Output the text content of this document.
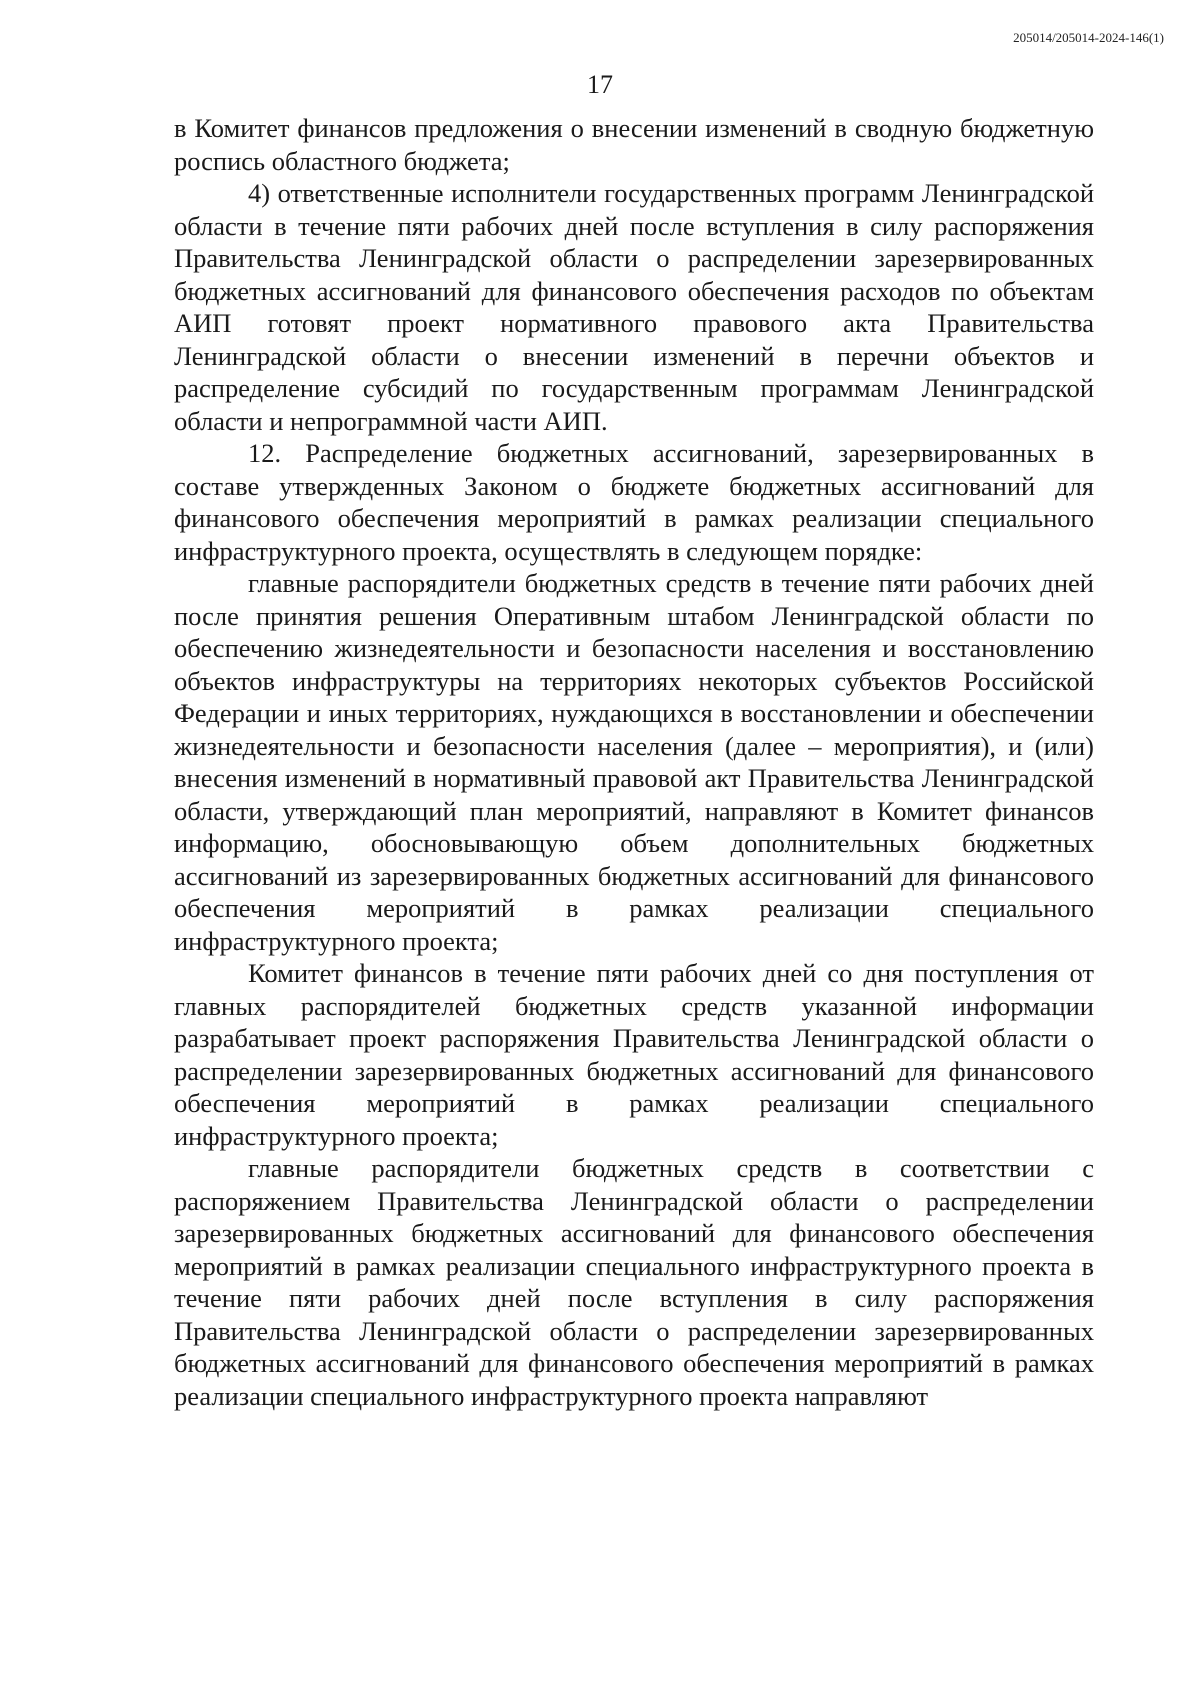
205014/205014-2024-146(1)
17

в Комитет финансов предложения о внесении изменений в сводную бюджетную роспись областного бюджета;

4) ответственные исполнители государственных программ Ленинградской области в течение пяти рабочих дней после вступления в силу распоряжения Правительства Ленинградской области о распределении зарезервированных бюджетных ассигнований для финансового обеспечения расходов по объектам АИП готовят проект нормативного правового акта Правительства Ленинградской области о внесении изменений в перечни объектов и распределение субсидий по государственным программам Ленинградской области и непрограммной части АИП.

12. Распределение бюджетных ассигнований, зарезервированных в составе утвержденных Законом о бюджете бюджетных ассигнований для финансового обеспечения мероприятий в рамках реализации специального инфраструктурного проекта, осуществлять в следующем порядке:

главные распорядители бюджетных средств в течение пяти рабочих дней после принятия решения Оперативным штабом Ленинградской области по обеспечению жизнедеятельности и безопасности населения и восстановлению объектов инфраструктуры на территориях некоторых субъектов Российской Федерации и иных территориях, нуждающихся в восстановлении и обеспечении жизнедеятельности и безопасности населения (далее – мероприятия), и (или) внесения изменений в нормативный правовой акт Правительства Ленинградской области, утверждающий план мероприятий, направляют в Комитет финансов информацию, обосновывающую объем дополнительных бюджетных ассигнований из зарезервированных бюджетных ассигнований для финансового обеспечения мероприятий в рамках реализации специального инфраструктурного проекта;

Комитет финансов в течение пяти рабочих дней со дня поступления от главных распорядителей бюджетных средств указанной информации разрабатывает проект распоряжения Правительства Ленинградской области о распределении зарезервированных бюджетных ассигнований для финансового обеспечения мероприятий в рамках реализации специального инфраструктурного проекта;

главные распорядители бюджетных средств в соответствии с распоряжением Правительства Ленинградской области о распределении зарезервированных бюджетных ассигнований для финансового обеспечения мероприятий в рамках реализации специального инфраструктурного проекта в течение пяти рабочих дней после вступления в силу распоряжения Правительства Ленинградской области о распределении зарезервированных бюджетных ассигнований для финансового обеспечения мероприятий в рамках реализации специального инфраструктурного проекта направляют
